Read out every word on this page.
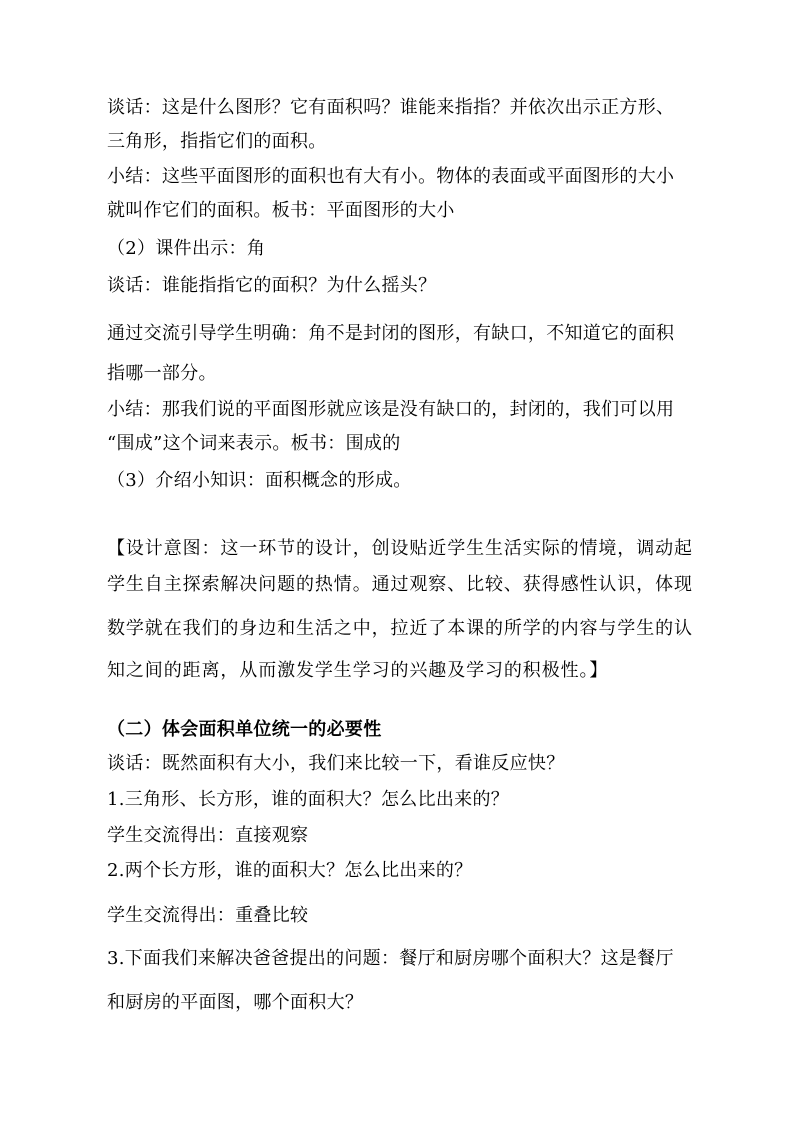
谈话：这是什么图形？它有面积吗？谁能来指指？并依次出示正方形、
三角形，指指它们的面积。
小结：这些平面图形的面积也有大有小。物体的表面或平面图形的大小
就叫作它们的面积。板书：平面图形的大小
（2）课件出示：角
谈话：谁能指指它的面积？为什么摇头？
通过交流引导学生明确：角不是封闭的图形，有缺口，不知道它的面积
指哪一部分。
小结：那我们说的平面图形就应该是没有缺口的，封闭的，我们可以用
“围成”这个词来表示。板书：围成的
（3）介绍小知识：面积概念的形成。
【设计意图：这一环节的设计，创设贴近学生生活实际的情境，调动起
学生自主探索解决问题的热情。通过观察、比较、获得感性认识，体现
数学就在我们的身边和生活之中，拉近了本课的所学的内容与学生的认
知之间的距离，从而激发学生学习的兴趣及学习的积极性。】
（二）体会面积单位统一的必要性
谈话：既然面积有大小，我们来比较一下，看谁反应快？
1.三角形、长方形，谁的面积大？怎么比出来的？
学生交流得出：直接观察
2.两个长方形，谁的面积大？怎么比出来的？
学生交流得出：重叠比较
3.下面我们来解决爸爸提出的问题：餐厅和厨房哪个面积大？这是餐厅
和厨房的平面图，哪个面积大？
